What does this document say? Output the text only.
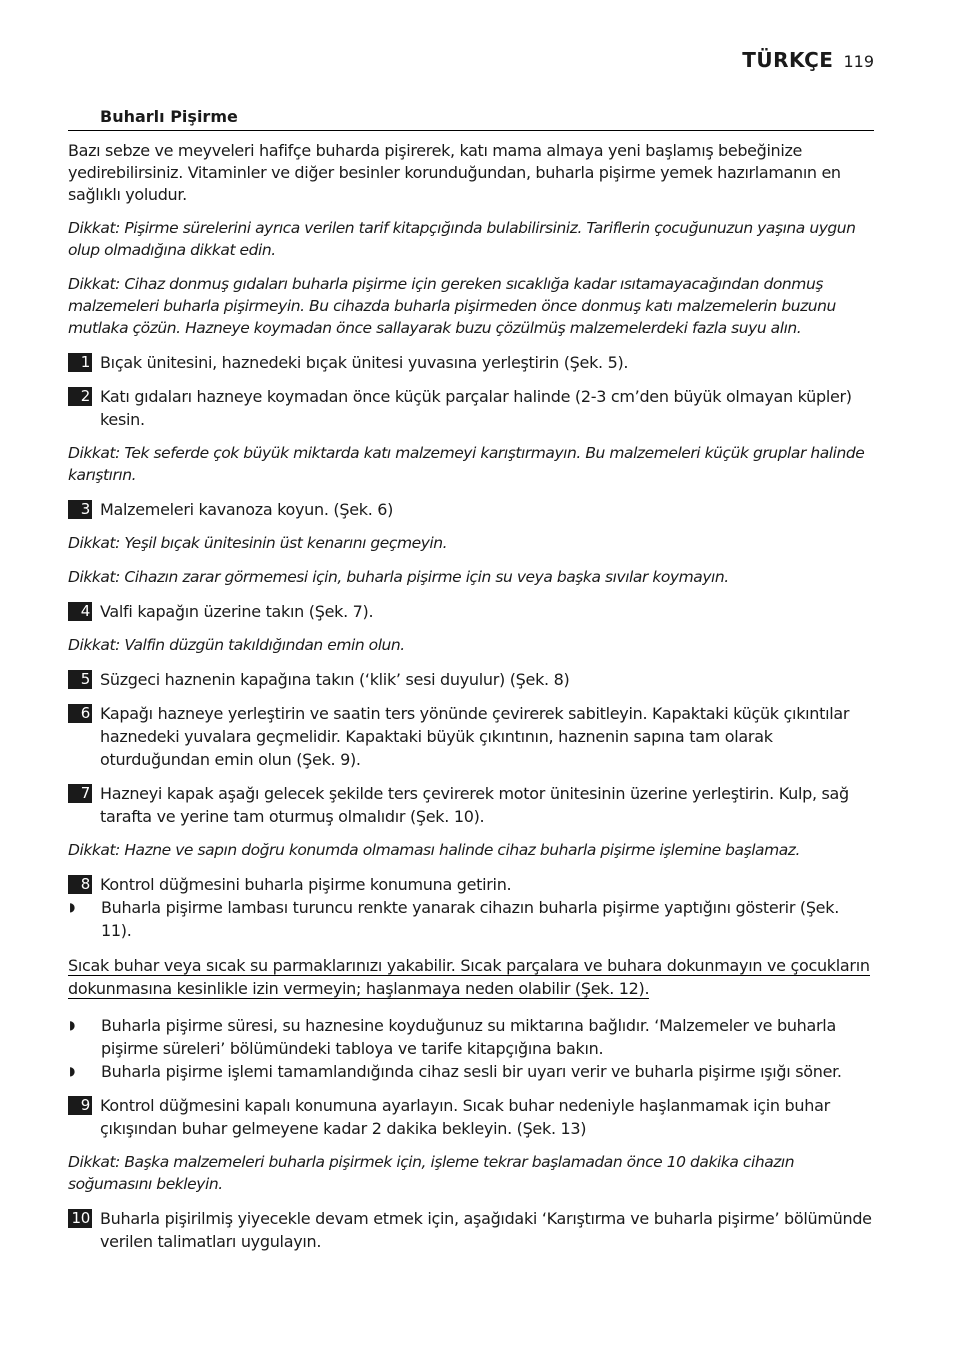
TÜRKÇE 119
Buharlı Pişirme

Bazı sebze ve meyveleri hafifçe buharda pişirerek, katı mama almaya yeni başlamış bebeğinize yedirebilirsiniz. Vitaminler ve diğer besinler korunduğundan, buharla pişirme yemek hazırlamanın en sağlıklı yoludur.

Dikkat: Pişirme sürelerini ayrıca verilen tarif kitapçığında bulabilirsiniz. Tariflerin çocuğunuzun yaşına uygun olup olmadığına dikkat edin.

Dikkat: Cihaz donmuş gıdaları buharla pişirme için gereken sıcaklığa kadar ısıtamayacağından donmuş malzemeleri buharla pişirmeyin. Bu cihazda buharla pişirmeden önce donmuş katı malzemelerin buzunu mutlaka çözün. Hazneye koymadan önce sallayarak buzu çözülmüş malzemelerdeki fazla suyu alın.

1 Bıçak ünitesini, haznedeki bıçak ünitesi yuvasına yerleştirin (Şek. 5).
2 Katı gıdaları hazneye koymadan önce küçük parçalar halinde (2-3 cm’den büyük olmayan küpler) kesin.

Dikkat: Tek seferde çok büyük miktarda katı malzemeyi karıştırmayın. Bu malzemeleri küçük gruplar halinde karıştırın.

3 Malzemeleri kavanoza koyun. (Şek. 6)

Dikkat: Yeşil bıçak ünitesinin üst kenarını geçmeyin.

Dikkat: Cihazın zarar görmemesi için, buharla pişirme için su veya başka sıvılar koymayın.

4 Valfi kapağın üzerine takın (Şek. 7).

Dikkat: Valfin düzgün takıldığından emin olun.

5 Süzgeci haznenin kapağına takın (‘klik’ sesi duyulur) (Şek. 8)
6 Kapağı hazneye yerleştirin ve saatin ters yönünde çevirerek sabitleyin. Kapaktaki küçük çıkıntılar haznedeki yuvalara geçmelidir. Kapaktaki büyük çıkıntının, haznenin sapına tam olarak oturduğundan emin olun (Şek. 9).
7 Hazneyi kapak aşağı gelecek şekilde ters çevirerek motor ünitesinin üzerine yerleştirin. Kulp, sağ tarafta ve yerine tam oturmuş olmalıdır (Şek. 10).

Dikkat: Hazne ve sapın doğru konumda olmaması halinde cihaz buharla pişirme işlemine başlamaz.

8 Kontrol düğmesini buharla pişirme konumuna getirin.
◗	Buharla pişirme lambası turuncu renkte yanarak cihazın buharla pişirme yaptığını gösterir (Şek. 11).

Sıcak buhar veya sıcak su parmaklarınızı yakabilir. Sıcak parçalara ve buhara dokunmayın ve çocukların dokunmasına kesinlikle izin vermeyin; haşlanmaya neden olabilir (Şek. 12).

◗	Buharla pişirme süresi, su haznesine koyduğunuz su miktarına bağlıdır. ‘Malzemeler ve buharla pişirme süreleri’ bölümündeki tabloya ve tarife kitapçığına bakın.
◗	Buharla pişirme işlemi tamamlandığında cihaz sesli bir uyarı verir ve buharla pişirme ışığı söner.
9 Kontrol düğmesini kapalı konumuna ayarlayın. Sıcak buhar nedeniyle haşlanmamak için buhar çıkışından buhar gelmeyene kadar 2 dakika bekleyin. (Şek. 13)

Dikkat: Başka malzemeleri buharla pişirmek için, işleme tekrar başlamadan önce 10 dakika cihazın soğumasını bekleyin.

10 Buharla pişirilmiş yiyecekle devam etmek için, aşağıdaki ‘Karıştırma ve buharla pişirme’ bölümünde verilen talimatları uygulayın.
